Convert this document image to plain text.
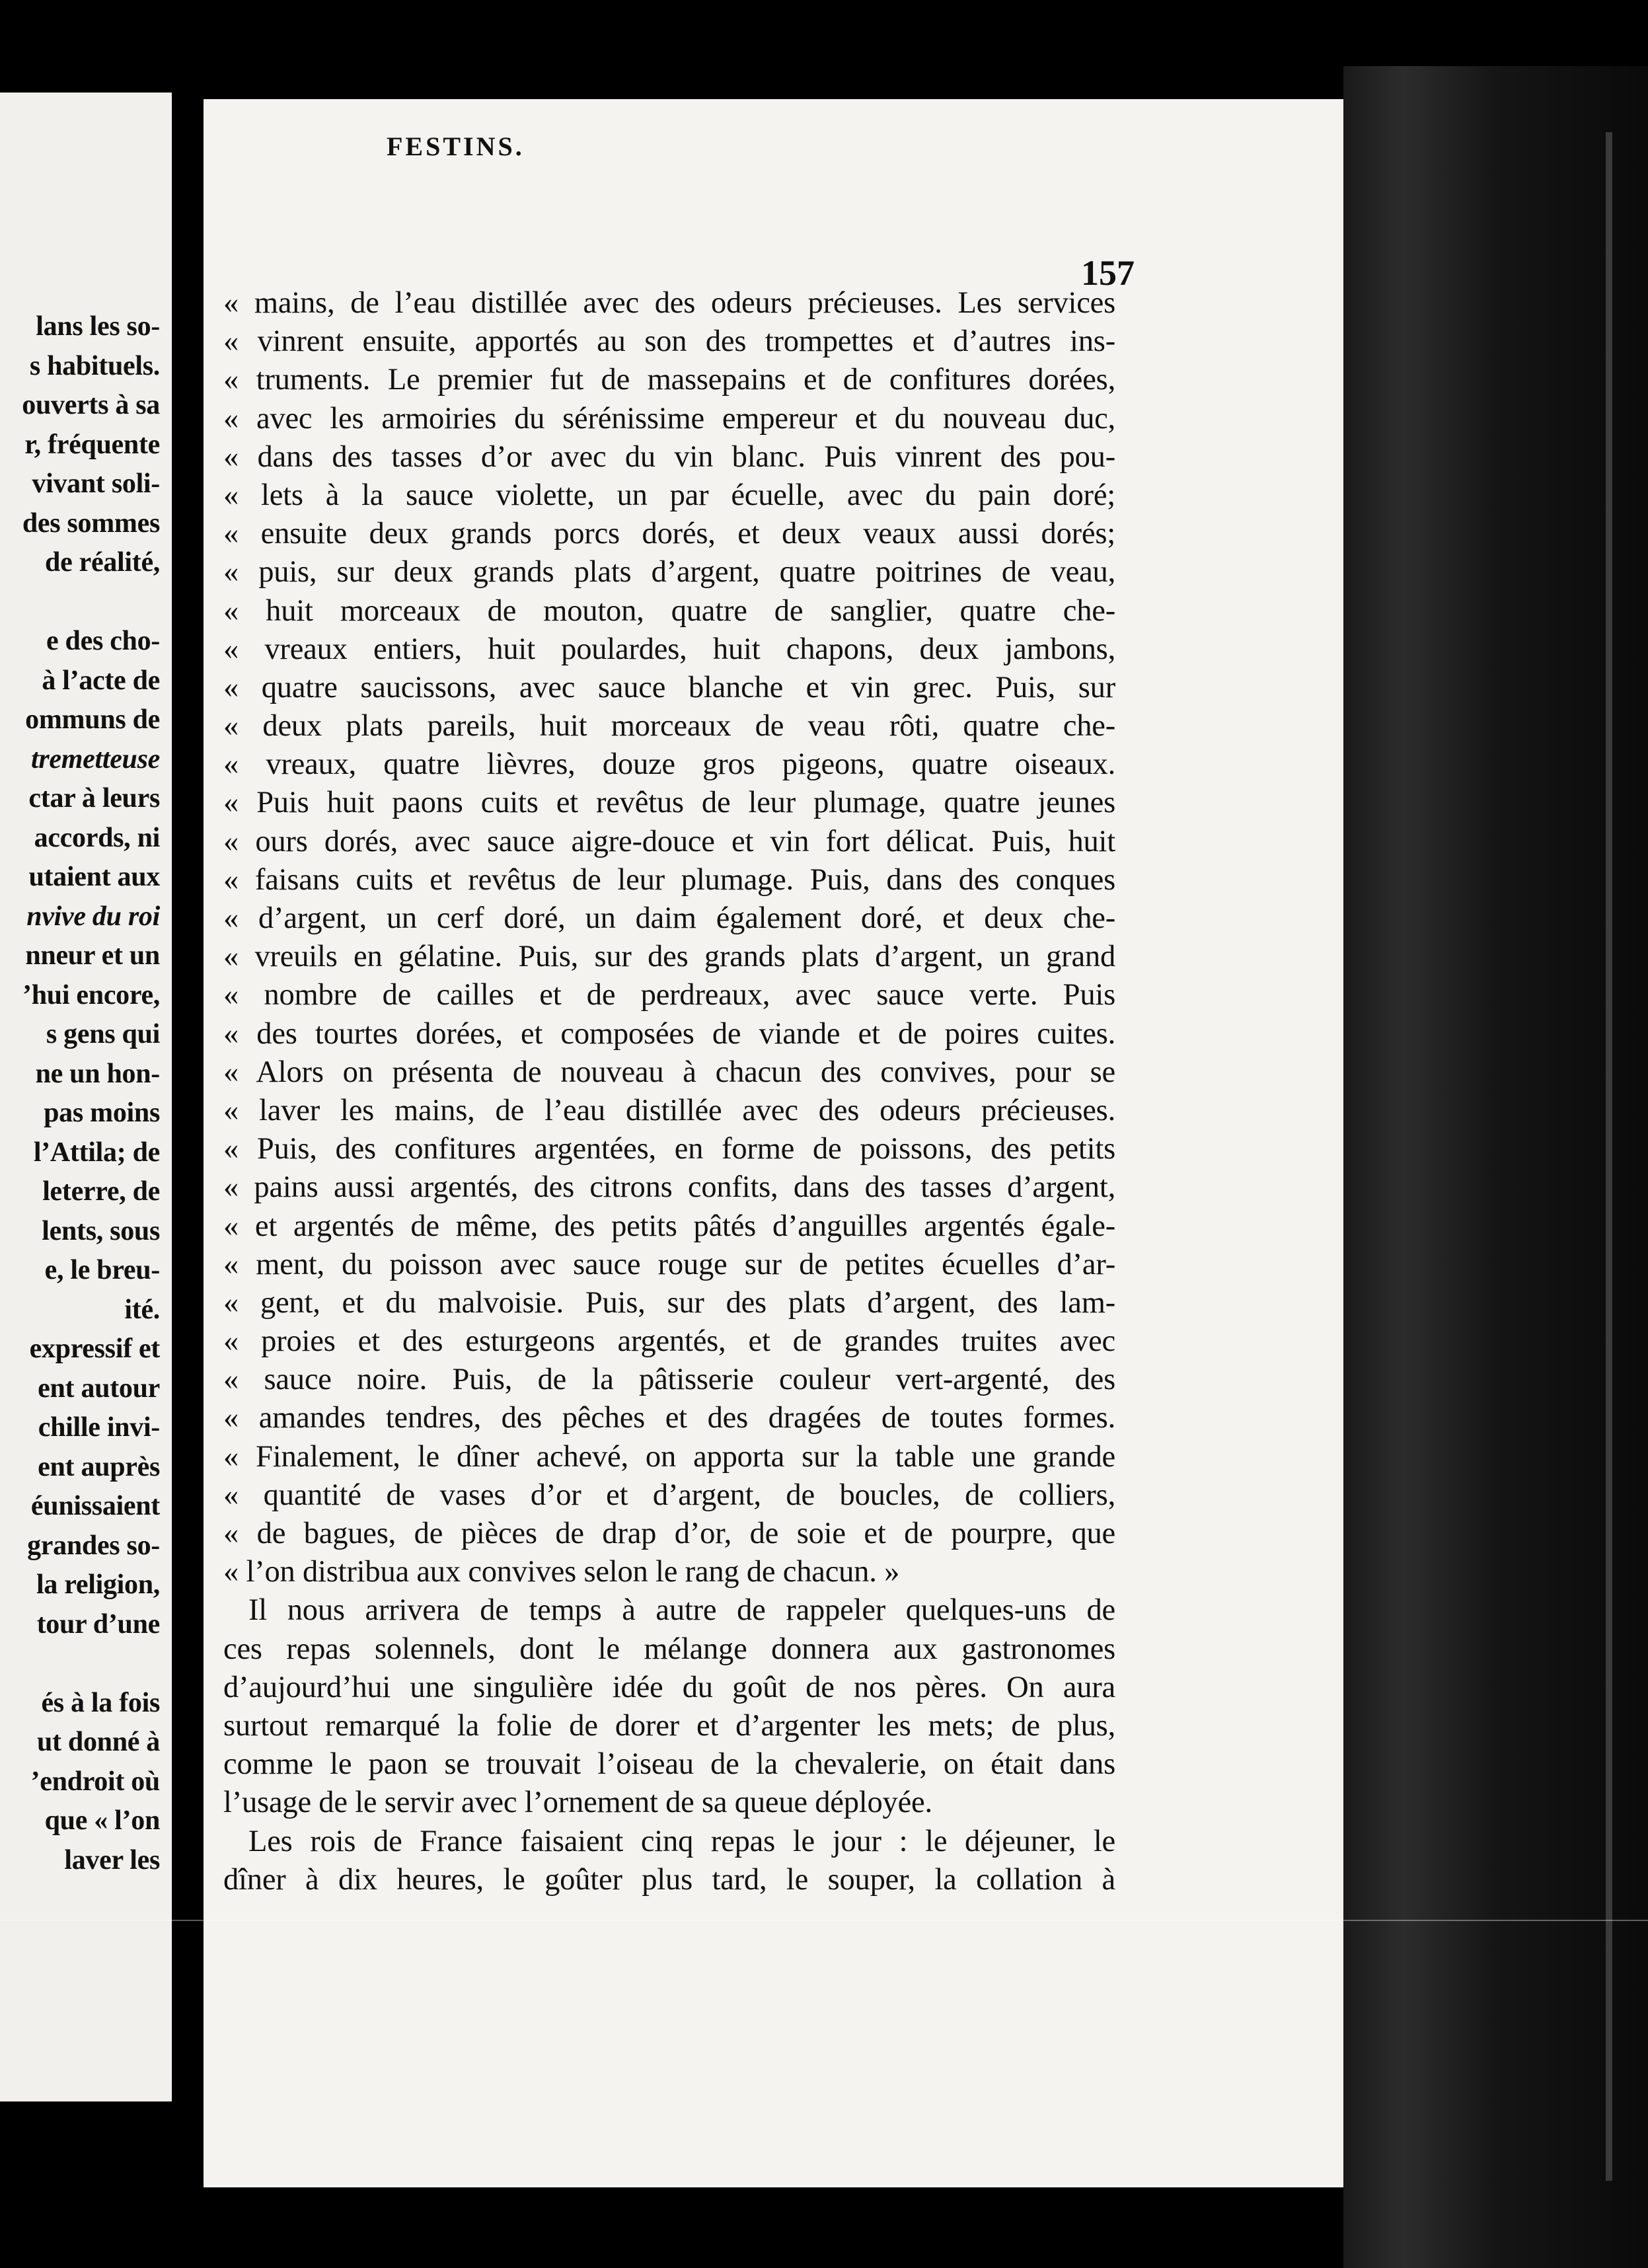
lans les so-
s habituels.
ouverts à sa
r, fréquente
vivant soli-
des sommes
de réalité,
e des cho-
à l’acte de
ommuns de
tremetteuse
ctar à leurs
accords, ni
utaient aux
nvive du roi
nneur et un
’hui encore,
s gens qui
ne un hon-
pas moins
l’Attila; de
leterre, de
lents, sous
e, le breu-
ité.
expressif et
ent autour
chille invi-
ent auprès
éunissaient
grandes so-
la religion,
tour d’une
és à la fois
ut donné à
’endroit où
que « l’on
laver les
FESTINS.
157
« mains, de l’eau distillée avec des odeurs précieuses. Les services
« vinrent ensuite, apportés au son des trompettes et d’autres ins-
« truments. Le premier fut de massepains et de confitures dorées,
« avec les armoiries du sérénissime empereur et du nouveau duc,
« dans des tasses d’or avec du vin blanc. Puis vinrent des pou-
« lets à la sauce violette, un par écuelle, avec du pain doré;
« ensuite deux grands porcs dorés, et deux veaux aussi dorés;
« puis, sur deux grands plats d’argent, quatre poitrines de veau,
« huit morceaux de mouton, quatre de sanglier, quatre che-
« vreaux entiers, huit poulardes, huit chapons, deux jambons,
« quatre saucissons, avec sauce blanche et vin grec. Puis, sur
« deux plats pareils, huit morceaux de veau rôti, quatre che-
« vreaux, quatre lièvres, douze gros pigeons, quatre oiseaux.
« Puis huit paons cuits et revêtus de leur plumage, quatre jeunes
« ours dorés, avec sauce aigre-douce et vin fort délicat. Puis, huit
« faisans cuits et revêtus de leur plumage. Puis, dans des conques
« d’argent, un cerf doré, un daim également doré, et deux che-
« vreuils en gélatine. Puis, sur des grands plats d’argent, un grand
« nombre de cailles et de perdreaux, avec sauce verte. Puis
« des tourtes dorées, et composées de viande et de poires cuites.
« Alors on présenta de nouveau à chacun des convives, pour se
« laver les mains, de l’eau distillée avec des odeurs précieuses.
« Puis, des confitures argentées, en forme de poissons, des petits
« pains aussi argentés, des citrons confits, dans des tasses d’argent,
« et argentés de même, des petits pâtés d’anguilles argentés égale-
« ment, du poisson avec sauce rouge sur de petites écuelles d’ar-
« gent, et du malvoisie. Puis, sur des plats d’argent, des lam-
« proies et des esturgeons argentés, et de grandes truites avec
« sauce noire. Puis, de la pâtisserie couleur vert-argenté, des
« amandes tendres, des pêches et des dragées de toutes formes.
« Finalement, le dîner achevé, on apporta sur la table une grande
« quantité de vases d’or et d’argent, de boucles, de colliers,
« de bagues, de pièces de drap d’or, de soie et de pourpre, que
« l’on distribua aux convives selon le rang de chacun. »
Il nous arrivera de temps à autre de rappeler quelques-uns de
ces repas solennels, dont le mélange donnera aux gastronomes
d’aujourd’hui une singulière idée du goût de nos pères. On aura
surtout remarqué la folie de dorer et d’argenter les mets; de plus,
comme le paon se trouvait l’oiseau de la chevalerie, on était dans
l’usage de le servir avec l’ornement de sa queue déployée.
Les rois de France faisaient cinq repas le jour : le déjeuner, le
dîner à dix heures, le goûter plus tard, le souper, la collation à
